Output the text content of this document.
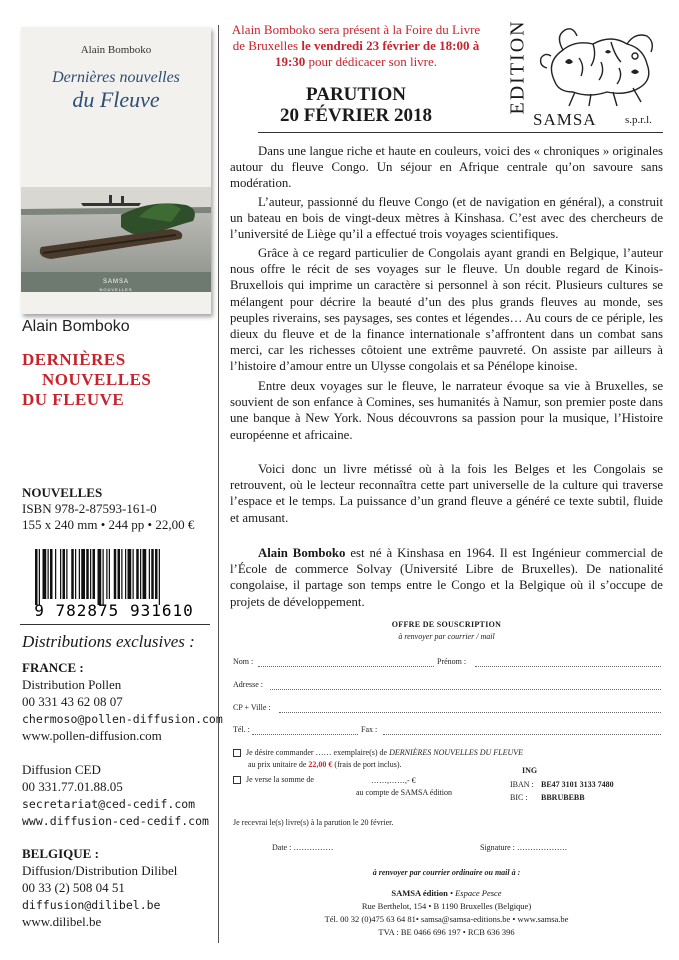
Alain Bomboko
Dernières nouvelles
du Fleuve
SAMSA
NOUVELLES
Alain Bomboko
DERNIÈRES
NOUVELLES
DU FLEUVE
NOUVELLES
ISBN 978-2-87593-161-0
155 x 240 mm • 244 pp • 22,00 €
9 782875 931610
Distributions exclusives :
FRANCE :
Distribution Pollen
00 331 43 62 08 07
chermoso@pollen-diffusion.com
www.pollen-diffusion.com
Diffusion CED
00 331.77.01.88.05
secretariat@ced-cedif.com
www.diffusion-ced-cedif.com
BELGIQUE :
Diffusion/Distribution Dilibel
00 33 (2) 508 04 51
diffusion@dilibel.be
www.dilibel.be
Alain Bomboko sera présent à la Foire du Livre de Bruxelles le vendredi 23 février de 18:00 à 19:30 pour dédicacer son livre.
PARUTION
20 FÉVRIER 2018
EDITION
SAMSA	s.p.r.l.
Dans une langue riche et haute en couleurs, voici des « chroniques » originales autour du fleuve Congo. Un séjour en Afrique centrale qu’on savoure sans modération.
L’auteur, passionné du fleuve Congo (et de navigation en général), a construit un bateau en bois de vingt-deux mètres à Kinshasa. C’est avec des chercheurs de l’université de Liège qu’il a effectué trois voyages scientifiques.
Grâce à ce regard particulier de Congolais ayant grandi en Belgique, l’auteur nous offre le récit de ses voyages sur le fleuve. Un double regard de Kinois-Bruxellois qui imprime un caractère si personnel à son récit. Plusieurs cultures se mélangent pour décrire la beauté d’un des plus grands fleuves au monde, ses peuples riverains, ses paysages, ses contes et légendes… Au cours de ce périple, les dieux du fleuve et de la finance internationale s’affrontent dans un combat sans merci, car les richesses côtoient une extrême pauvreté. On assiste par ailleurs à l’histoire d’amour entre un Ulysse congolais et sa Pénélope kinoise.
Entre deux voyages sur le fleuve, le narrateur évoque sa vie à Bruxelles, se souvient de son enfance à Comines, ses humanités à Namur, son premier poste dans une banque à New York. Nous découvrons sa passion pour la musique, l’Histoire européenne et africaine.
Voici donc un livre métissé où à la fois les Belges et les Congolais se retrouvent, où le lecteur reconnaîtra cette part universelle de la culture qui traverse l’espace et le temps. La puissance d’un grand fleuve a généré ce texte subtil, fluide et amusant.
Alain Bomboko est né à Kinshasa en 1964. Il est Ingénieur commercial de l’École de commerce Solvay (Université Libre de Bruxelles). De nationalité congolaise, il partage son temps entre le Congo et la Belgique où il s’occupe de projets de développement.
OFFRE DE SOUSCRIPTION
à renvoyer par courrier / mail
Nom :	Prénom :
Adresse :
CP + Ville :
Tél. :	Fax :
Je désire commander …… exemplaire(s) de DERNIÈRES NOUVELLES DU FLEUVE
au prix unitaire de 22,00 € (frais de port inclus).
Je verse la somme de	……,……,- €
au compte de SAMSA édition
ING
IBAN : BE47 3101 3133 7480
BIC : BBRUBEBB
Je recevrai le(s) livre(s) à la parution le 20 février.
Date : ……………	Signature : ……………….
à renvoyer par courrier ordinaire ou mail à :
SAMSA édition • Espace Pesce
Rue Berthelot, 154 • B 1190 Bruxelles (Belgique)
Tél. 00 32 (0)475 63 64 81• samsa@samsa-editions.be • www.samsa.be
TVA : BE 0466 696 197 • RCB 636 396
